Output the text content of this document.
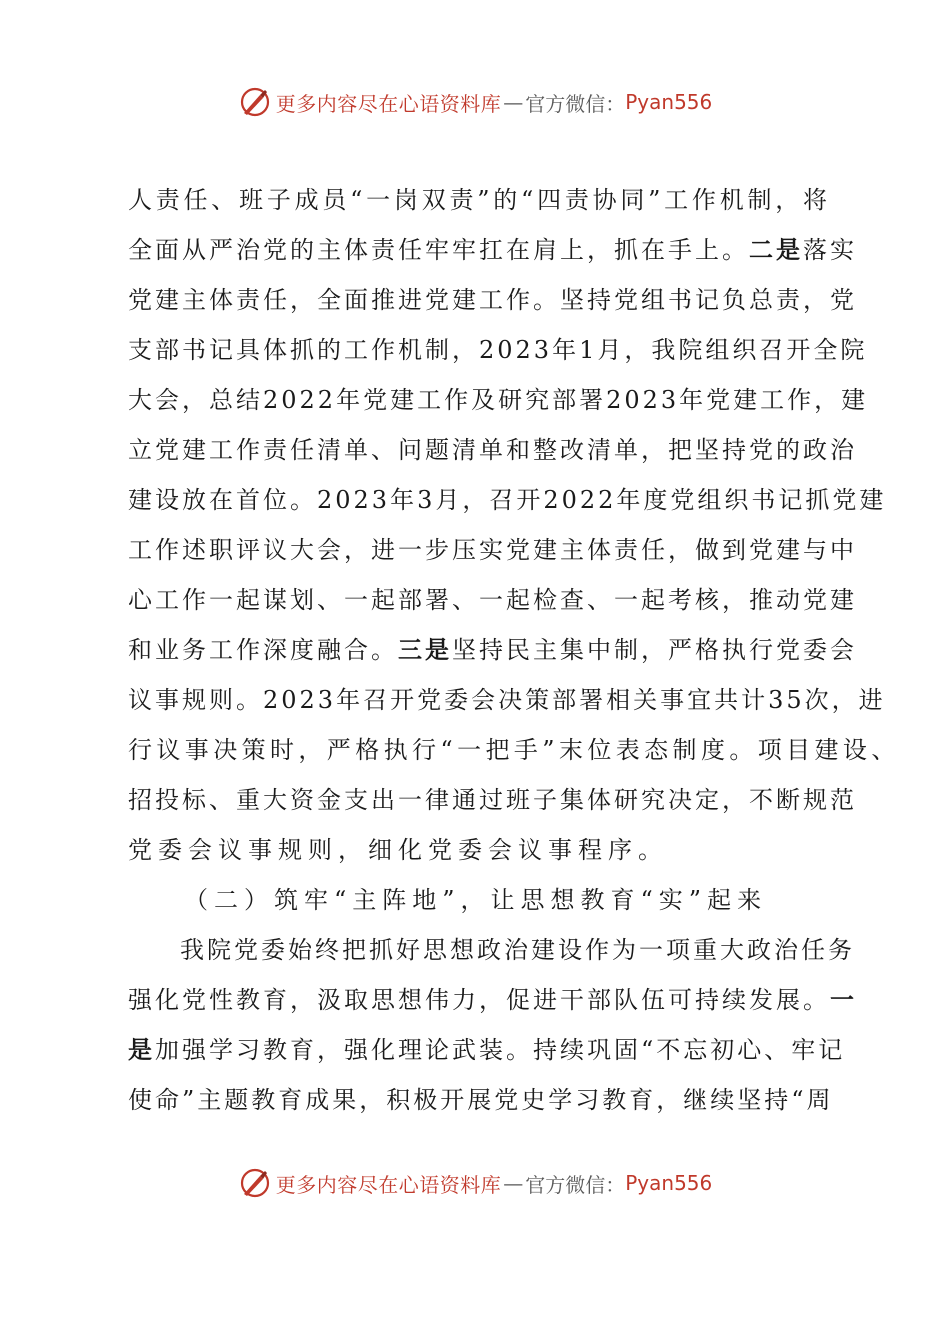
更多内容尽在心语资料库 — 官方微信： Pyan556
人责任、班子成员“一岗双责”的“四责协同”工作机制，将
全面从严治党的主体责任牢牢扛在肩上，抓在手上。二是落实
党建主体责任，全面推进党建工作。坚持党组书记负总责，党
支部书记具体抓的工作机制，2023年1月，我院组织召开全院
大会，总结2022年党建工作及研究部署2023年党建工作，建
立党建工作责任清单、问题清单和整改清单，把坚持党的政治
建设放在首位。2023年3月，召开2022年度党组织书记抓党建
工作述职评议大会，进一步压实党建主体责任，做到党建与中
心工作一起谋划、一起部署、一起检查、一起考核，推动党建
和业务工作深度融合。三是坚持民主集中制，严格执行党委会
议事规则。2023年召开党委会决策部署相关事宜共计35次，进
行议事决策时，严格执行“一把手”末位表态制度。项目建设、
招投标、重大资金支出一律通过班子集体研究决定，不断规范
党委会议事规则，细化党委会议事程序。
（二）筑牢“主阵地”，让思想教育“实”起来
我院党委始终把抓好思想政治建设作为一项重大政治任务
强化党性教育，汲取思想伟力，促进干部队伍可持续发展。一
是加强学习教育，强化理论武装。持续巩固“不忘初心、牢记
使命”主题教育成果，积极开展党史学习教育，继续坚持“周
更多内容尽在心语资料库 — 官方微信： Pyan556
